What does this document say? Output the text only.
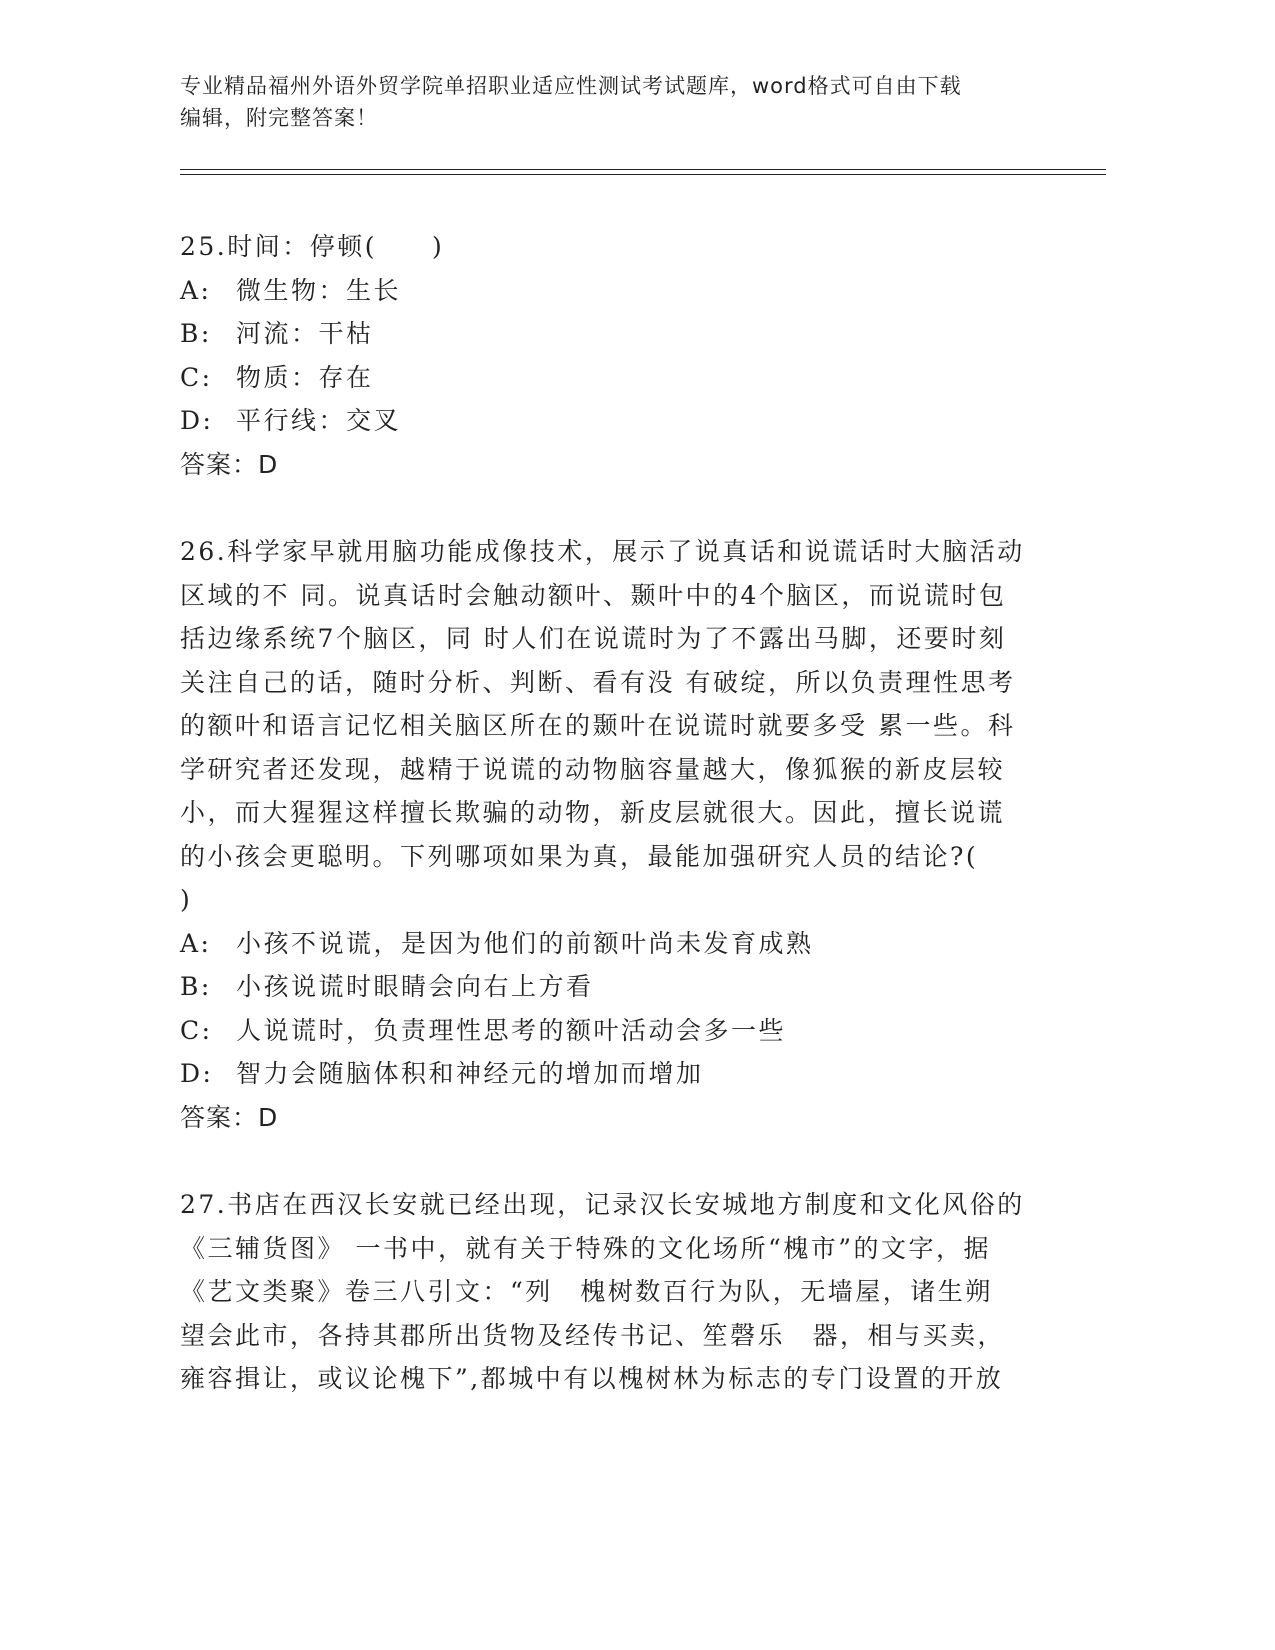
专业精品福州外语外贸学院单招职业适应性测试考试题库，word格式可自由下载
编辑，附完整答案！
25.时间：停顿(　　)
A: 微生物：生长
B: 河流：干枯
C: 物质：存在
D: 平行线：交叉
答案：D
26.科学家早就用脑功能成像技术，展示了说真话和说谎话时大脑活动
区域的不 同。说真话时会触动额叶、颞叶中的4个脑区，而说谎时包
括边缘系统7个脑区，同 时人们在说谎时为了不露出马脚，还要时刻
关注自己的话，随时分析、判断、看有没 有破绽，所以负责理性思考
的额叶和语言记忆相关脑区所在的颞叶在说谎时就要多受 累一些。科
学研究者还发现，越精于说谎的动物脑容量越大，像狐猴的新皮层较
小，而大猩猩这样擅长欺骗的动物，新皮层就很大。因此，擅长说谎
的小孩会更聪明。下列哪项如果为真，最能加强研究人员的结论?(
)
A: 小孩不说谎，是因为他们的前额叶尚未发育成熟
B: 小孩说谎时眼睛会向右上方看
C: 人说谎时，负责理性思考的额叶活动会多一些
D: 智力会随脑体积和神经元的增加而增加
答案：D
27.书店在西汉长安就已经出现，记录汉长安城地方制度和文化风俗的
《三辅货图》 一书中，就有关于特殊的文化场所“槐市”的文字，据
《艺文类聚》卷三八引文：“列　槐树数百行为队，无墙屋，诸生朔
望会此市，各持其郡所出货物及经传书记、笙磬乐　器，相与买卖，
雍容揖让，或议论槐下”,都城中有以槐树林为标志的专门设置的开放
